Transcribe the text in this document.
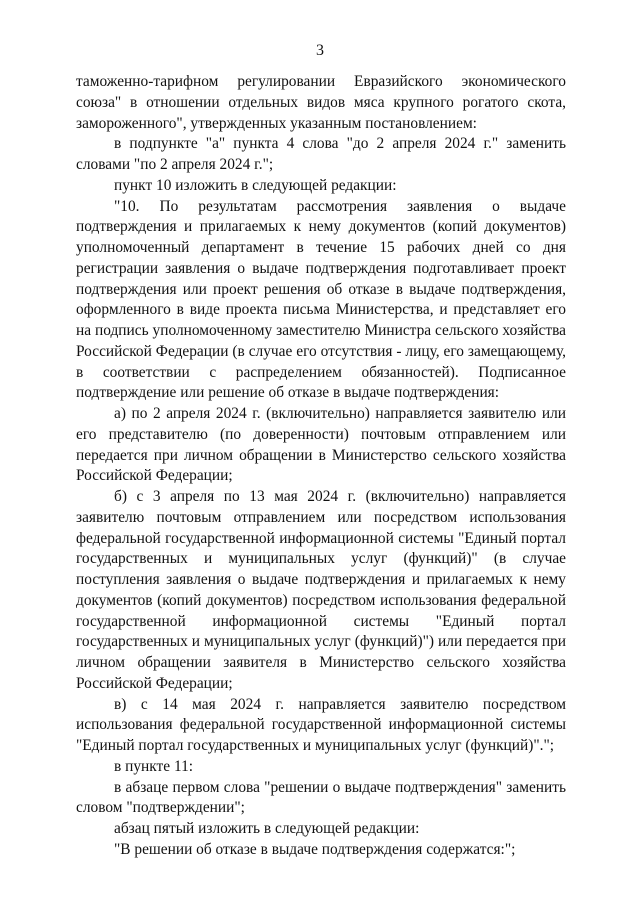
3

таможенно-тарифном регулировании Евразийского экономического союза" в отношении отдельных видов мяса крупного рогатого скота, замороженного", утвержденных указанным постановлением:

в подпункте "а" пункта 4 слова "до 2 апреля 2024 г." заменить словами "по 2 апреля 2024 г.";

пункт 10 изложить в следующей редакции:

"10. По результатам рассмотрения заявления о выдаче подтверждения и прилагаемых к нему документов (копий документов) уполномоченный департамент в течение 15 рабочих дней со дня регистрации заявления о выдаче подтверждения подготавливает проект подтверждения или проект решения об отказе в выдаче подтверждения, оформленного в виде проекта письма Министерства, и представляет его на подпись уполномоченному заместителю Министра сельского хозяйства Российской Федерации (в случае его отсутствия - лицу, его замещающему, в соответствии с распределением обязанностей). Подписанное подтверждение или решение об отказе в выдаче подтверждения:

а) по 2 апреля 2024 г. (включительно) направляется заявителю или его представителю (по доверенности) почтовым отправлением или передается при личном обращении в Министерство сельского хозяйства Российской Федерации;

б) с 3 апреля по 13 мая 2024 г. (включительно) направляется заявителю почтовым отправлением или посредством использования федеральной государственной информационной системы "Единый портал государственных и муниципальных услуг (функций)" (в случае поступления заявления о выдаче подтверждения и прилагаемых к нему документов (копий документов) посредством использования федеральной государственной информационной системы "Единый портал государственных и муниципальных услуг (функций)") или передается при личном обращении заявителя в Министерство сельского хозяйства Российской Федерации;

в) с 14 мая 2024 г. направляется заявителю посредством использования федеральной государственной информационной системы "Единый портал государственных и муниципальных услуг (функций)".";

в пункте 11:

в абзаце первом слова "решении о выдаче подтверждения" заменить словом "подтверждении";

абзац пятый изложить в следующей редакции:

"В решении об отказе в выдаче подтверждения содержатся:";
